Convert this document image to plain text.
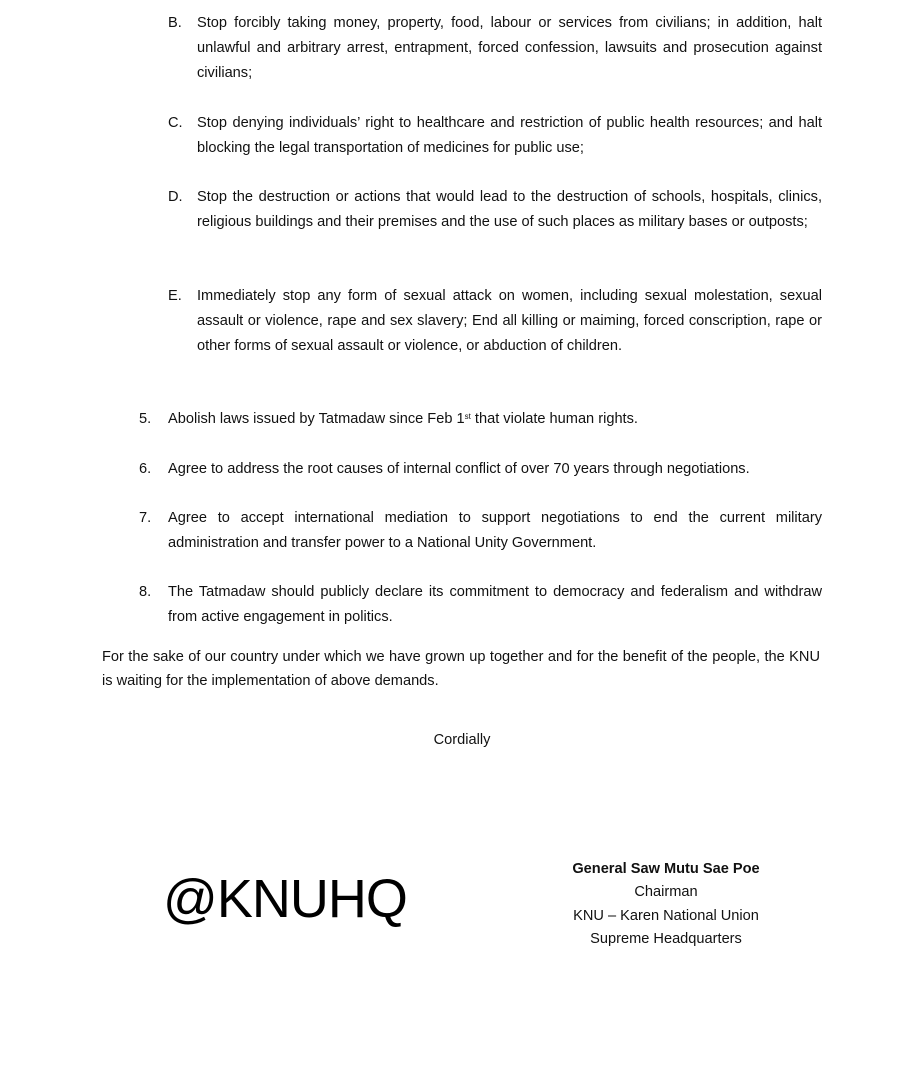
B. Stop forcibly taking money, property, food, labour or services from civilians; in addition, halt unlawful and arbitrary arrest, entrapment, forced confession, lawsuits and prosecution against civilians;
C. Stop denying individuals’ right to healthcare and restriction of public health resources; and halt blocking the legal transportation of medicines for public use;
D. Stop the destruction or actions that would lead to the destruction of schools, hospitals, clinics, religious buildings and their premises and the use of such places as military bases or outposts;
E. Immediately stop any form of sexual attack on women, including sexual molestation, sexual assault or violence, rape and sex slavery; End all killing or maiming, forced conscription, rape or other forms of sexual assault or violence, or abduction of children.
5. Abolish laws issued by Tatmadaw since Feb 1st that violate human rights.
6. Agree to address the root causes of internal conflict of over 70 years through negotiations.
7. Agree to accept international mediation to support negotiations to end the current military administration and transfer power to a National Unity Government.
8. The Tatmadaw should publicly declare its commitment to democracy and federalism and withdraw from active engagement in politics.
For the sake of our country under which we have grown up together and for the benefit of the people, the KNU is waiting for the implementation of above demands.
Cordially
@KNUHQ	General Saw Mutu Sae Poe
Chairman
KNU – Karen National Union
Supreme Headquarters
